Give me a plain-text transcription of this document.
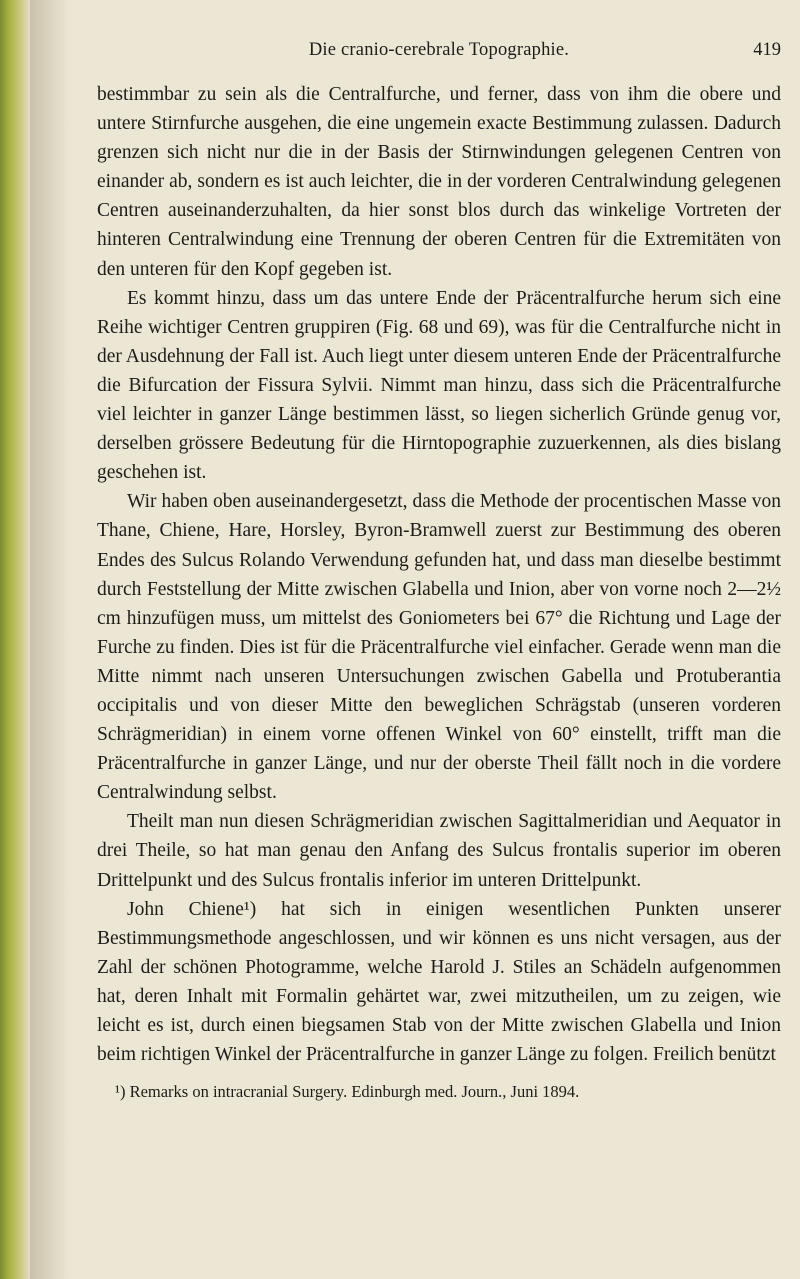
Die cranio-cerebrale Topographie.	419

bestimmbar zu sein als die Centralfurche, und ferner, dass von ihm die obere und untere Stirnfurche ausgehen, die eine ungemein exacte Bestimmung zulassen. Dadurch grenzen sich nicht nur die in der Basis der Stirnwindungen gelegenen Centren von einander ab, sondern es ist auch leichter, die in der vorderen Centralwindung gelegenen Centren auseinanderzuhalten, da hier sonst blos durch das winkelige Vortreten der hinteren Centralwindung eine Trennung der oberen Centren für die Extremitäten von den unteren für den Kopf gegeben ist.

Es kommt hinzu, dass um das untere Ende der Präcentralfurche herum sich eine Reihe wichtiger Centren gruppiren (Fig. 68 und 69), was für die Centralfurche nicht in der Ausdehnung der Fall ist. Auch liegt unter diesem unteren Ende der Präcentralfurche die Bifurcation der Fissura Sylvii. Nimmt man hinzu, dass sich die Präcentralfurche viel leichter in ganzer Länge bestimmen lässt, so liegen sicherlich Gründe genug vor, derselben grössere Bedeutung für die Hirntopographie zuzuerkennen, als dies bislang geschehen ist.

Wir haben oben auseinandergesetzt, dass die Methode der procentischen Masse von Thane, Chiene, Hare, Horsley, Byron-Bramwell zuerst zur Bestimmung des oberen Endes des Sulcus Rolando Verwendung gefunden hat, und dass man dieselbe bestimmt durch Feststellung der Mitte zwischen Glabella und Inion, aber von vorne noch 2—2½ cm hinzufügen muss, um mittelst des Goniometers bei 67° die Richtung und Lage der Furche zu finden. Dies ist für die Präcentralfurche viel einfacher. Gerade wenn man die Mitte nimmt nach unseren Untersuchungen zwischen Gabella und Protuberantia occipitalis und von dieser Mitte den beweglichen Schrägstab (unseren vorderen Schrägmeridian) in einem vorne offenen Winkel von 60° einstellt, trifft man die Präcentralfurche in ganzer Länge, und nur der oberste Theil fällt noch in die vordere Centralwindung selbst.

Theilt man nun diesen Schrägmeridian zwischen Sagittalmeridian und Aequator in drei Theile, so hat man genau den Anfang des Sulcus frontalis superior im oberen Drittelpunkt und des Sulcus frontalis inferior im unteren Drittelpunkt.

John Chiene¹) hat sich in einigen wesentlichen Punkten unserer Bestimmungsmethode angeschlossen, und wir können es uns nicht versagen, aus der Zahl der schönen Photogramme, welche Harold J. Stiles an Schädeln aufgenommen hat, deren Inhalt mit Formalin gehärtet war, zwei mitzutheilen, um zu zeigen, wie leicht es ist, durch einen biegsamen Stab von der Mitte zwischen Glabella und Inion beim richtigen Winkel der Präcentralfurche in ganzer Länge zu folgen. Freilich benützt

¹) Remarks on intracranial Surgery. Edinburgh med. Journ., Juni 1894.
